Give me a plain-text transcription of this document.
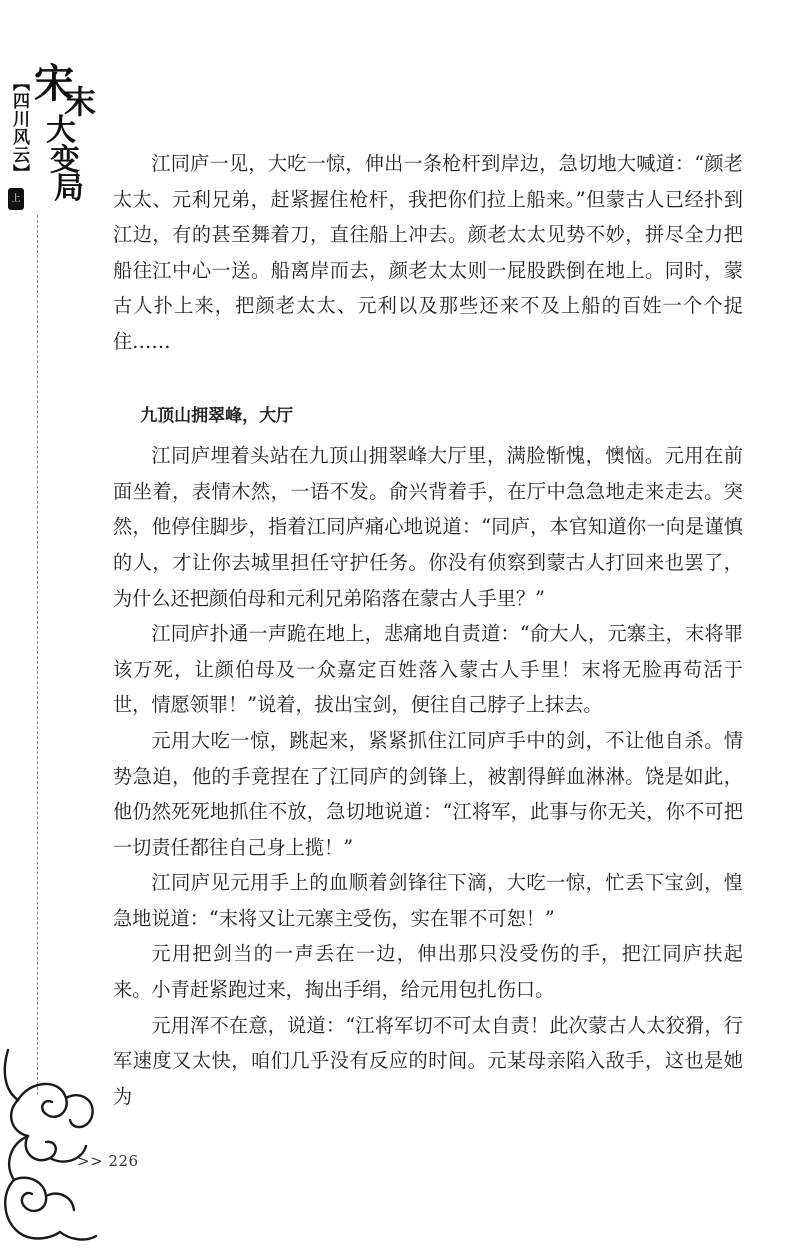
【四川风云】 宋
末
大
变
局
上

江同庐一见，大吃一惊，伸出一条枪杆到岸边，急切地大喊道：“颜老太太、元利兄弟，赶紧握住枪杆，我把你们拉上船来。”但蒙古人已经扑到江边，有的甚至舞着刀，直往船上冲去。颜老太太见势不妙，拼尽全力把船往江中心一送。船离岸而去，颜老太太则一屁股跌倒在地上。同时，蒙古人扑上来，把颜老太太、元利以及那些还来不及上船的百姓一个个捉住……

九顶山拥翠峰，大厅

江同庐埋着头站在九顶山拥翠峰大厅里，满脸惭愧，懊恼。元用在前面坐着，表情木然，一语不发。俞兴背着手，在厅中急急地走来走去。突然，他停住脚步，指着江同庐痛心地说道：“同庐，本官知道你一向是谨慎的人，才让你去城里担任守护任务。你没有侦察到蒙古人打回来也罢了，为什么还把颜伯母和元利兄弟陷落在蒙古人手里？”

江同庐扑通一声跪在地上，悲痛地自责道：“俞大人，元寨主，末将罪该万死，让颜伯母及一众嘉定百姓落入蒙古人手里！末将无脸再苟活于世，情愿领罪！”说着，拔出宝剑，便往自己脖子上抹去。

元用大吃一惊，跳起来，紧紧抓住江同庐手中的剑，不让他自杀。情势急迫，他的手竟捏在了江同庐的剑锋上，被割得鲜血淋淋。饶是如此，他仍然死死地抓住不放，急切地说道：“江将军，此事与你无关，你不可把一切责任都往自己身上揽！”

江同庐见元用手上的血顺着剑锋往下滴，大吃一惊，忙丢下宝剑，惶急地说道：“末将又让元寨主受伤，实在罪不可恕！”

元用把剑当的一声丢在一边，伸出那只没受伤的手，把江同庐扶起来。小青赶紧跑过来，掏出手绢，给元用包扎伤口。

元用浑不在意，说道：“江将军切不可太自责！此次蒙古人太狡猾，行军速度又太快，咱们几乎没有反应的时间。元某母亲陷入敌手，这也是她为

>> 226
